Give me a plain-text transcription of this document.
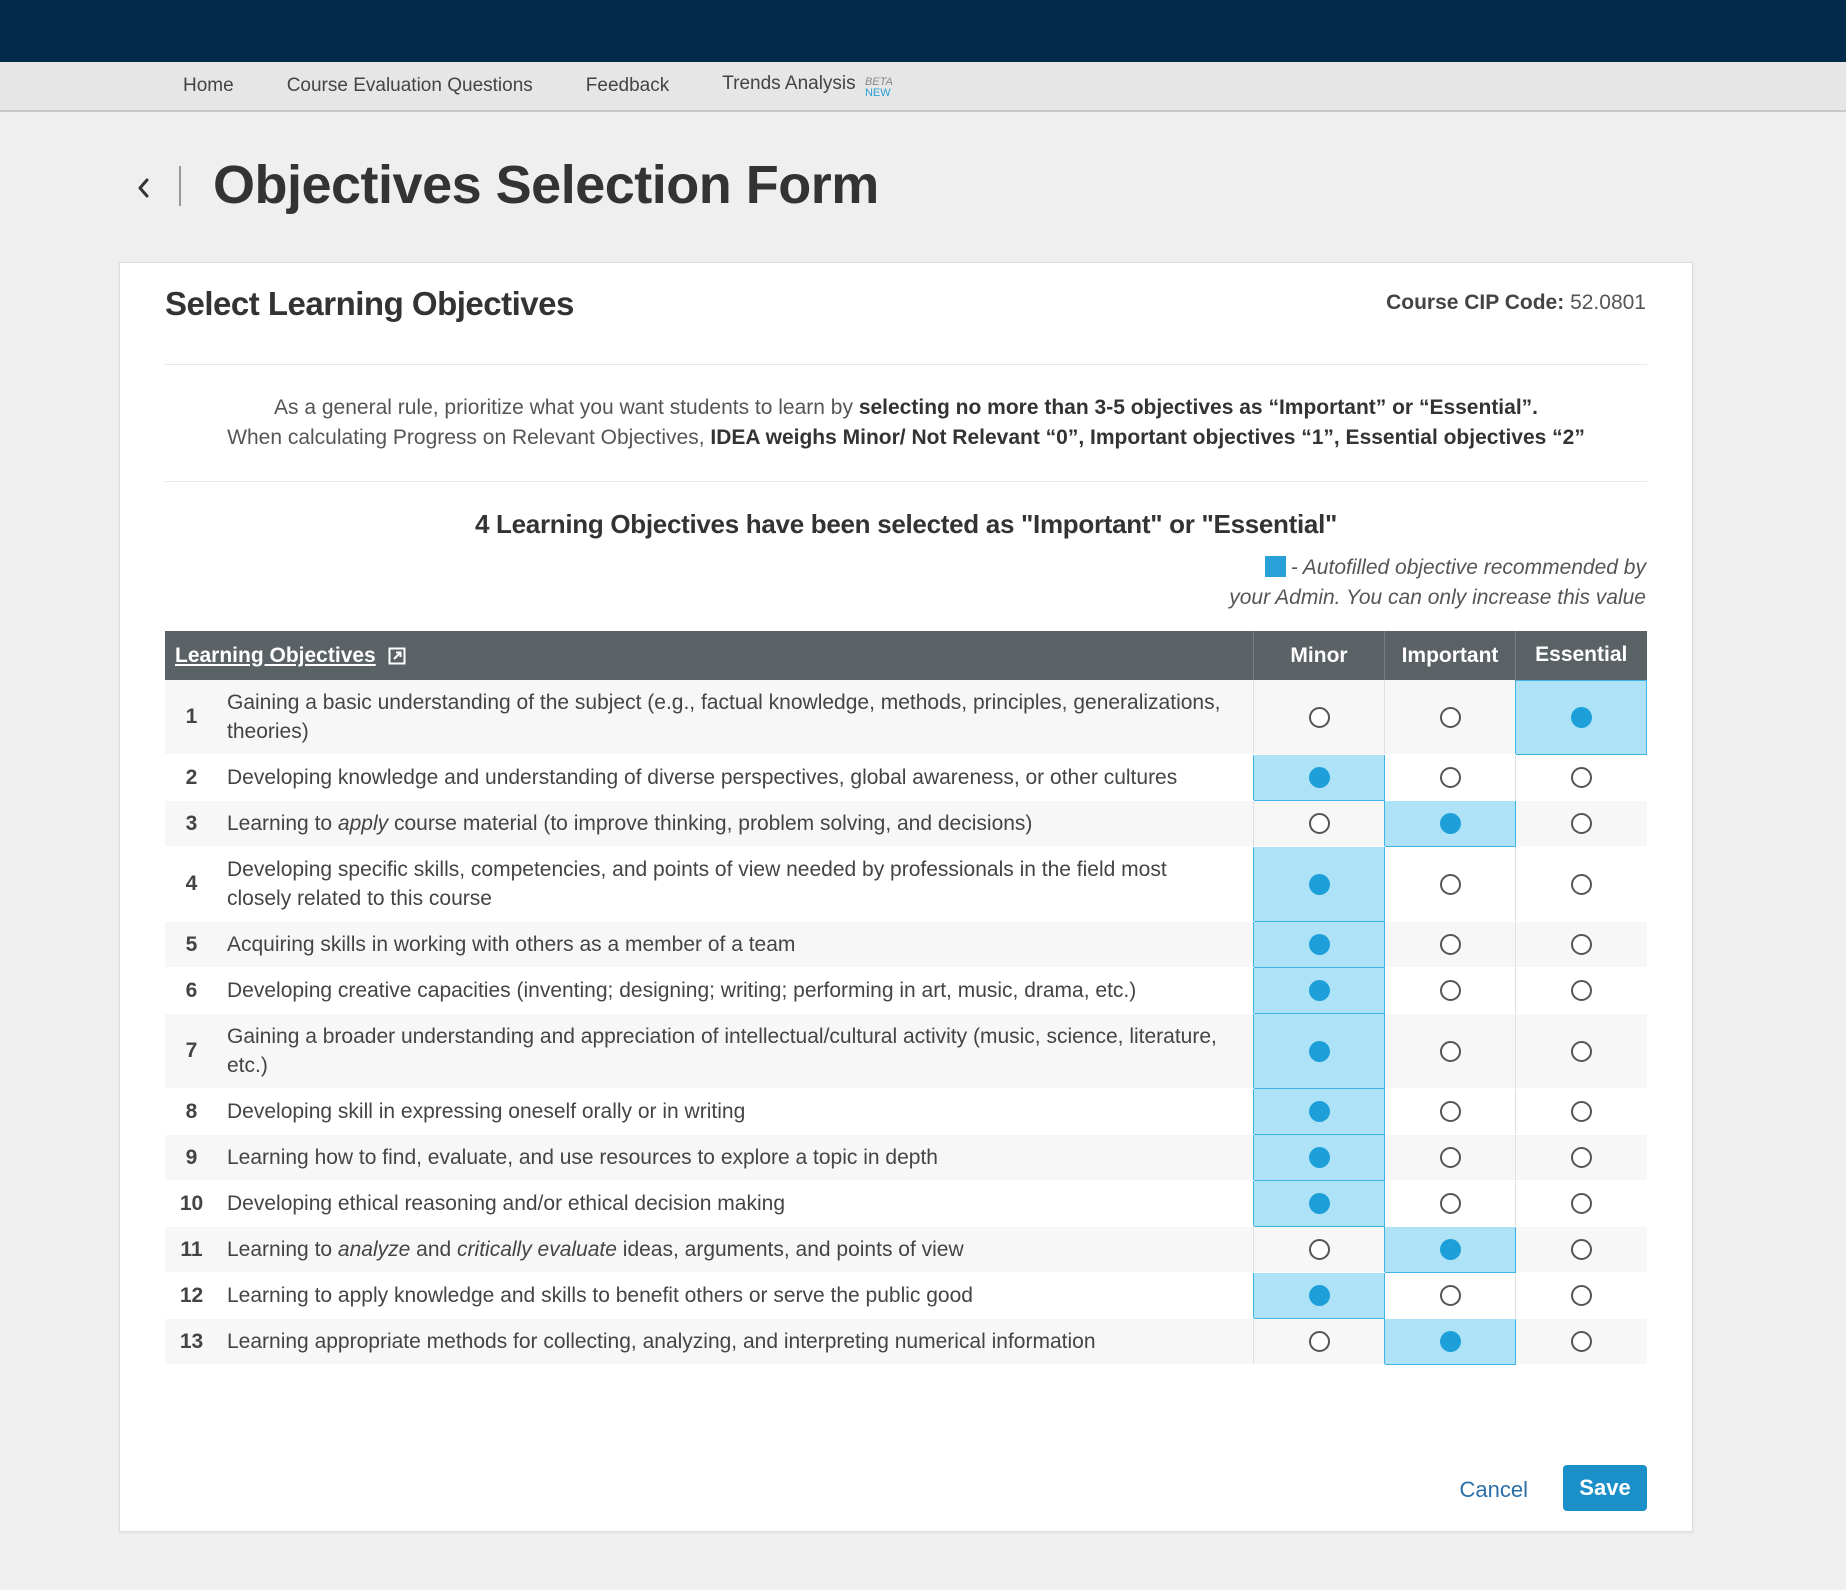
Home	Course Evaluation Questions	Feedback	Trends Analysis BETA
NEW
Objectives Selection Form
Select Learning Objectives	Course CIP Code: 52.0801
As a general rule, prioritize what you want students to learn by selecting no more than 3-5 objectives as “Important” or “Essential”.
When calculating Progress on Relevant Objectives, IDEA weighs Minor/ Not Relevant “0”, Important objectives “1”, Essential objectives “2”
4 Learning Objectives have been selected as "Important" or "Essential"
- Autofilled objective recommended by your Admin. You can only increase this value
Learning Objectives		Minor	Important	Essential
1	Gaining a basic understanding of the subject (e.g., factual knowledge, methods, principles, generalizations, theories)			
2	Developing knowledge and understanding of diverse perspectives, global awareness, or other cultures			
3	Learning to apply course material (to improve thinking, problem solving, and decisions)			
4	Developing specific skills, competencies, and points of view needed by professionals in the field most closely related to this course			
5	Acquiring skills in working with others as a member of a team			
6	Developing creative capacities (inventing; designing; writing; performing in art, music, drama, etc.)			
7	Gaining a broader understanding and appreciation of intellectual/cultural activity (music, science, literature, etc.)			
8	Developing skill in expressing oneself orally or in writing			
9	Learning how to find, evaluate, and use resources to explore a topic in depth			
10	Developing ethical reasoning and/or ethical decision making			
11	Learning to analyze and critically evaluate ideas, arguments, and points of view			
12	Learning to apply knowledge and skills to benefit others or serve the public good			
13	Learning appropriate methods for collecting, analyzing, and interpreting numerical information			
Cancel	Save
